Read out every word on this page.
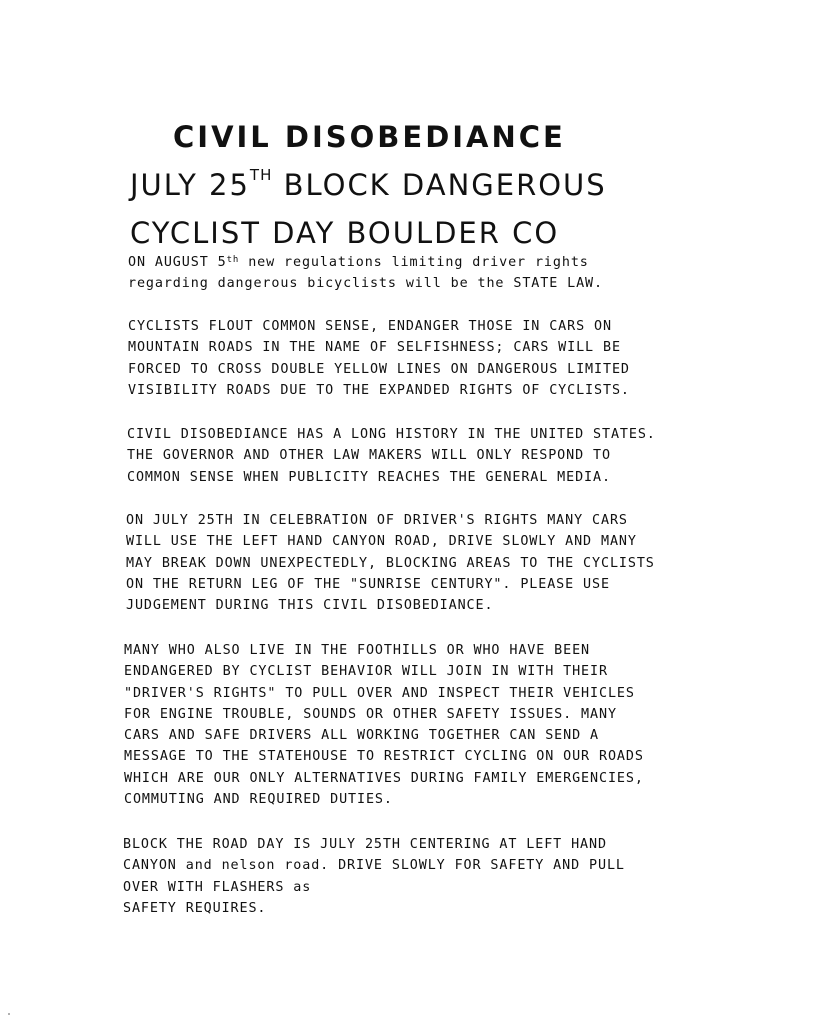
CIVIL DISOBEDIANCE
JULY 25TH BLOCK DANGEROUS
CYCLIST DAY BOULDER CO
ON AUGUST 5th new regulations limiting driver rights
regarding dangerous bicyclists will be the STATE LAW.
CYCLISTS FLOUT COMMON SENSE, ENDANGER THOSE IN CARS ON
MOUNTAIN ROADS IN THE NAME OF SELFISHNESS; CARS WILL BE
FORCED TO CROSS DOUBLE YELLOW LINES ON DANGEROUS LIMITED
VISIBILITY ROADS DUE TO THE EXPANDED RIGHTS OF CYCLISTS.
CIVIL DISOBEDIANCE HAS A LONG HISTORY IN THE UNITED STATES.
THE GOVERNOR AND OTHER LAW MAKERS WILL ONLY RESPOND TO
COMMON SENSE WHEN PUBLICITY REACHES THE GENERAL MEDIA.
ON JULY 25TH IN CELEBRATION OF DRIVER'S RIGHTS MANY CARS
WILL USE THE LEFT HAND CANYON ROAD, DRIVE SLOWLY AND MANY
MAY BREAK DOWN UNEXPECTEDLY, BLOCKING AREAS TO THE CYCLISTS
ON THE RETURN LEG OF THE "SUNRISE CENTURY". PLEASE USE
JUDGEMENT DURING THIS CIVIL DISOBEDIANCE.
MANY WHO ALSO LIVE IN THE FOOTHILLS OR WHO HAVE BEEN
ENDANGERED BY CYCLIST BEHAVIOR WILL JOIN IN WITH THEIR
"DRIVER'S RIGHTS" TO PULL OVER AND INSPECT THEIR VEHICLES
FOR ENGINE TROUBLE, SOUNDS OR OTHER SAFETY ISSUES. MANY
CARS AND SAFE DRIVERS ALL WORKING TOGETHER CAN SEND A
MESSAGE TO THE STATEHOUSE TO RESTRICT CYCLING ON OUR ROADS
WHICH ARE OUR ONLY ALTERNATIVES DURING FAMILY EMERGENCIES,
COMMUTING AND REQUIRED DUTIES.
BLOCK THE ROAD DAY IS JULY 25TH CENTERING AT LEFT HAND
CANYON and nelson road. DRIVE SLOWLY FOR SAFETY AND PULL
OVER WITH FLASHERS as
SAFETY REQUIRES.
